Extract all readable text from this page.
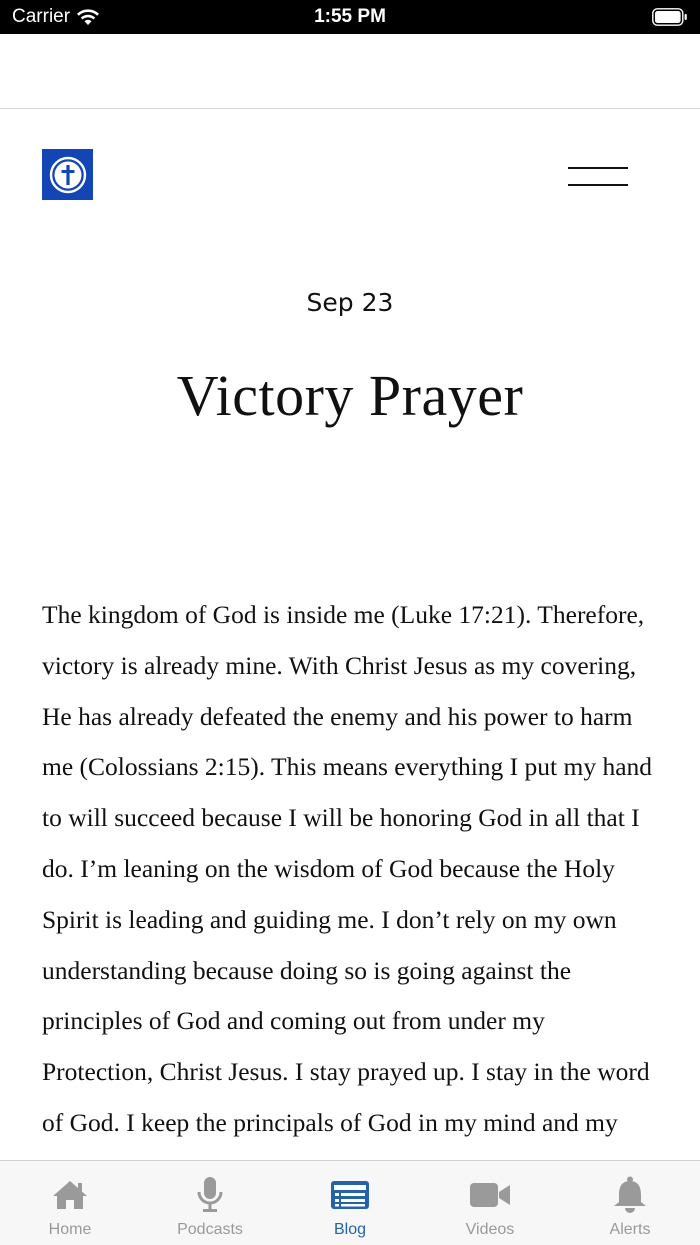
Carrier	1:55 PM
Sep 23
Victory Prayer
The kingdom of God is inside me (Luke 17:21). Therefore, victory is already mine. With Christ Jesus as my covering, He has already defeated the enemy and his power to harm me (Colossians 2:15). This means everything I put my hand to will succeed because I will be honoring God in all that I do. I’m leaning on the wisdom of God because the Holy Spirit is leading and guiding me. I don’t rely on my own understanding because doing so is going against the principles of God and coming out from under my Protection, Christ Jesus. I stay prayed up. I stay in the word of God. I keep the principals of God in my mind and my
Home	Podcasts	Blog	Videos	Alerts
